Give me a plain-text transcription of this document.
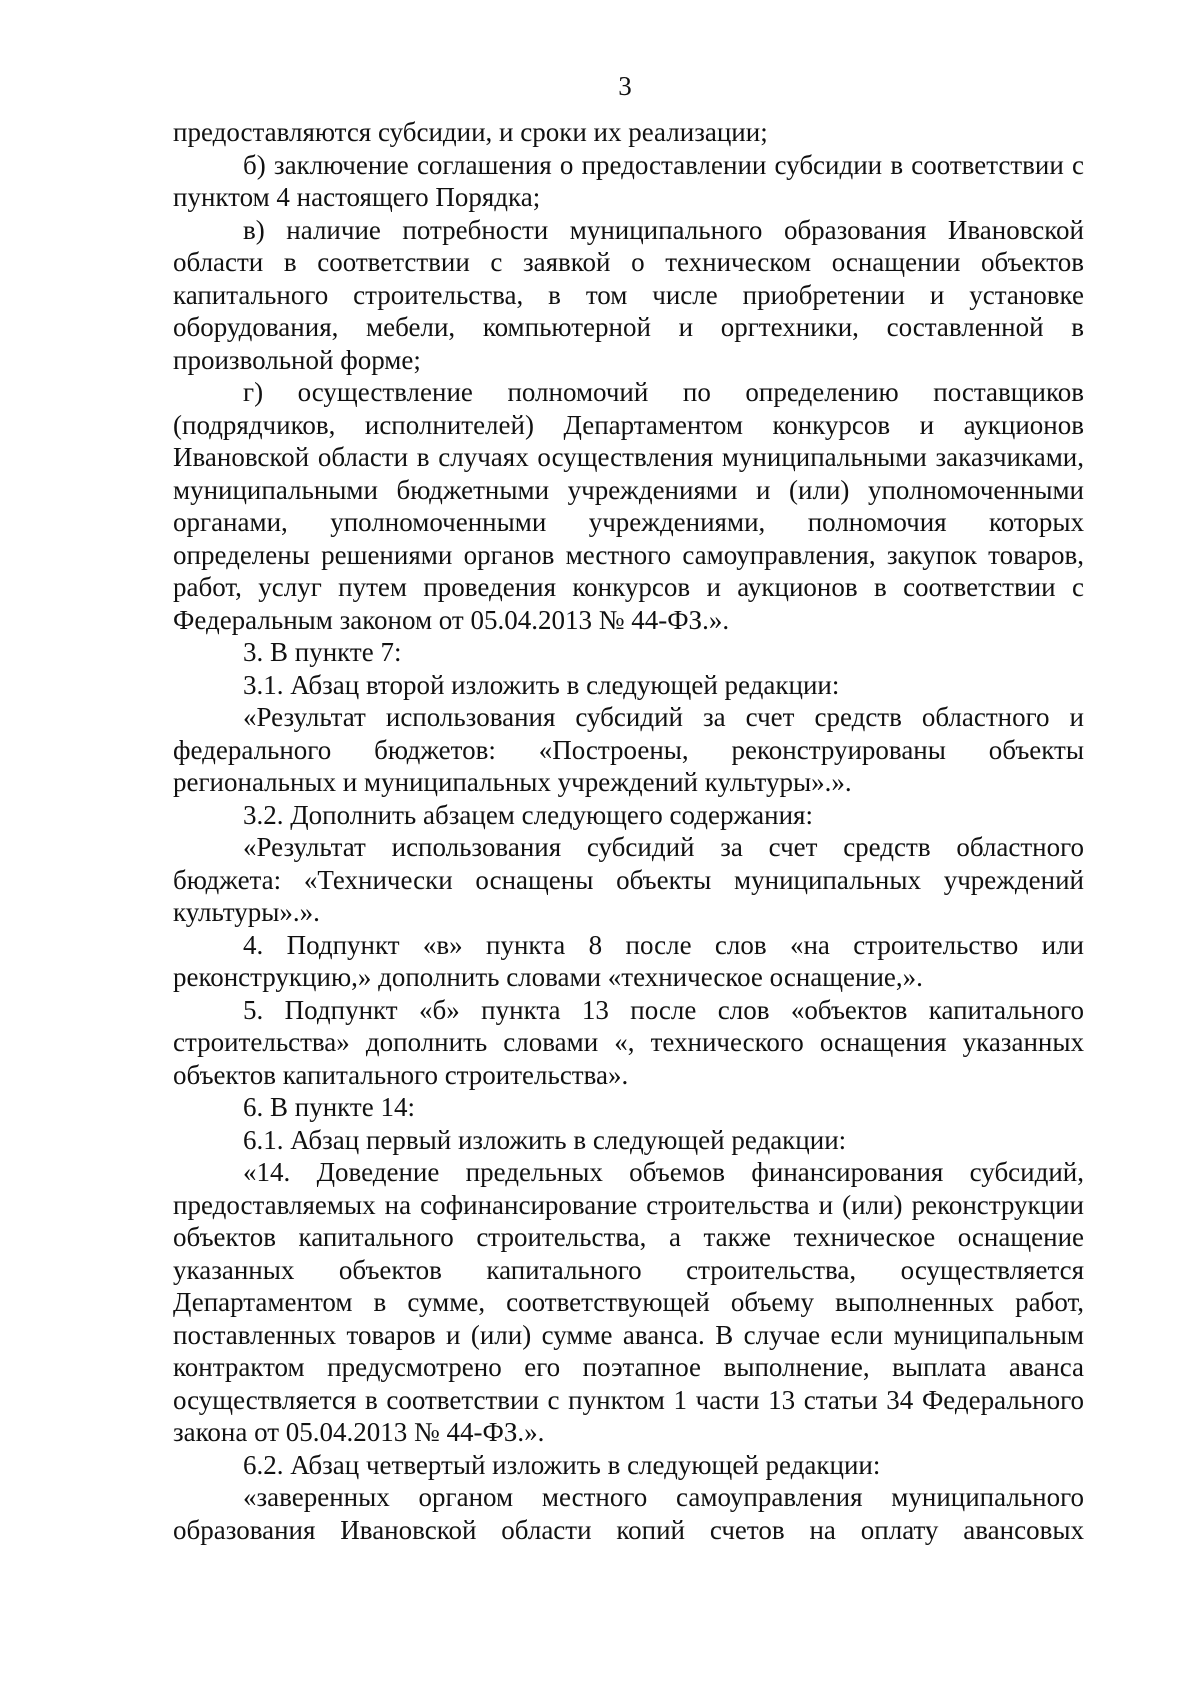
3

предоставляются субсидии, и сроки их реализации;

б) заключение соглашения о предоставлении субсидии в соответствии с пунктом 4 настоящего Порядка;

в) наличие потребности муниципального образования Ивановской области в соответствии с заявкой о техническом оснащении объектов капитального строительства, в том числе приобретении и установке оборудования, мебели, компьютерной и оргтехники, составленной в произвольной форме;

г) осуществление полномочий по определению поставщиков (подрядчиков, исполнителей) Департаментом конкурсов и аукционов Ивановской области в случаях осуществления муниципальными заказчиками, муниципальными бюджетными учреждениями и (или) уполномоченными органами, уполномоченными учреждениями, полномочия которых определены решениями органов местного самоуправления, закупок товаров, работ, услуг путем проведения конкурсов и аукционов в соответствии с Федеральным законом от 05.04.2013 № 44-ФЗ.».

3. В пункте 7:

3.1. Абзац второй изложить в следующей редакции:

«Результат использования субсидий за счет средств областного и федерального бюджетов: «Построены, реконструированы объекты региональных и муниципальных учреждений культуры».».

3.2. Дополнить абзацем следующего содержания:

«Результат использования субсидий за счет средств областного бюджета: «Технически оснащены объекты муниципальных учреждений культуры».».

4. Подпункт «в» пункта 8 после слов «на строительство или реконструкцию,» дополнить словами «техническое оснащение,».

5. Подпункт «б» пункта 13 после слов «объектов капитального строительства» дополнить словами «, технического оснащения указанных объектов капитального строительства».

6. В пункте 14:

6.1. Абзац первый изложить в следующей редакции:

«14. Доведение предельных объемов финансирования субсидий, предоставляемых на софинансирование строительства и (или) реконструкции объектов капитального строительства, а также техническое оснащение указанных объектов капитального строительства, осуществляется Департаментом в сумме, соответствующей объему выполненных работ, поставленных товаров и (или) сумме аванса. В случае если муниципальным контрактом предусмотрено его поэтапное выполнение, выплата аванса осуществляется в соответствии с пунктом 1 части 13 статьи 34 Федерального закона от 05.04.2013 № 44-ФЗ.».

6.2. Абзац четвертый изложить в следующей редакции:

«заверенных органом местного самоуправления муниципального образования Ивановской области копий счетов на оплату авансовых
